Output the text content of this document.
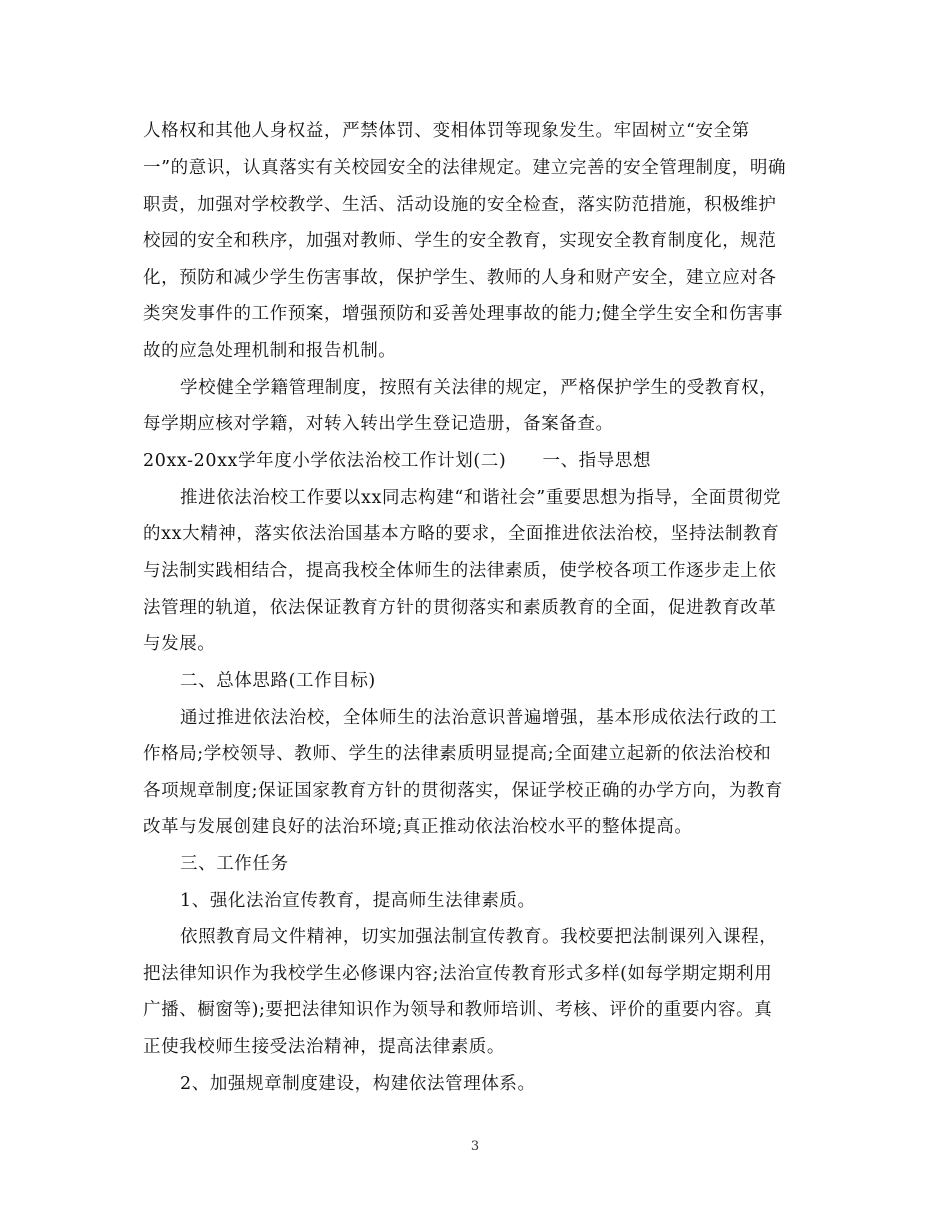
人格权和其他人身权益，严禁体罚、变相体罚等现象发生。牢固树立“安全第
一”的意识，认真落实有关校园安全的法律规定。建立完善的安全管理制度，明确
职责，加强对学校教学、生活、活动设施的安全检查，落实防范措施，积极维护
校园的安全和秩序，加强对教师、学生的安全教育，实现安全教育制度化，规范
化，预防和减少学生伤害事故，保护学生、教师的人身和财产安全，建立应对各
类突发事件的工作预案，增强预防和妥善处理事故的能力;健全学生安全和伤害事
故的应急处理机制和报告机制。
学校健全学籍管理制度，按照有关法律的规定，严格保护学生的受教育权，
每学期应核对学籍，对转入转出学生登记造册，备案备查。
20xx-20xx学年度小学依法治校工作计划(二)　　一、指导思想
推进依法治校工作要以xx同志构建“和谐社会”重要思想为指导，全面贯彻党
的xx大精神，落实依法治国基本方略的要求，全面推进依法治校，坚持法制教育
与法制实践相结合，提高我校全体师生的法律素质，使学校各项工作逐步走上依
法管理的轨道，依法保证教育方针的贯彻落实和素质教育的全面，促进教育改革
与发展。
二、总体思路(工作目标)
通过推进依法治校，全体师生的法治意识普遍增强，基本形成依法行政的工
作格局;学校领导、教师、学生的法律素质明显提高;全面建立起新的依法治校和
各项规章制度;保证国家教育方针的贯彻落实，保证学校正确的办学方向，为教育
改革与发展创建良好的法治环境;真正推动依法治校水平的整体提高。
三、工作任务
1、强化法治宣传教育，提高师生法律素质。
依照教育局文件精神，切实加强法制宣传教育。我校要把法制课列入课程，
把法律知识作为我校学生必修课内容;法治宣传教育形式多样(如每学期定期利用
广播、橱窗等);要把法律知识作为领导和教师培训、考核、评价的重要内容。真
正使我校师生接受法治精神，提高法律素质。
2、加强规章制度建设，构建依法管理体系。
3
